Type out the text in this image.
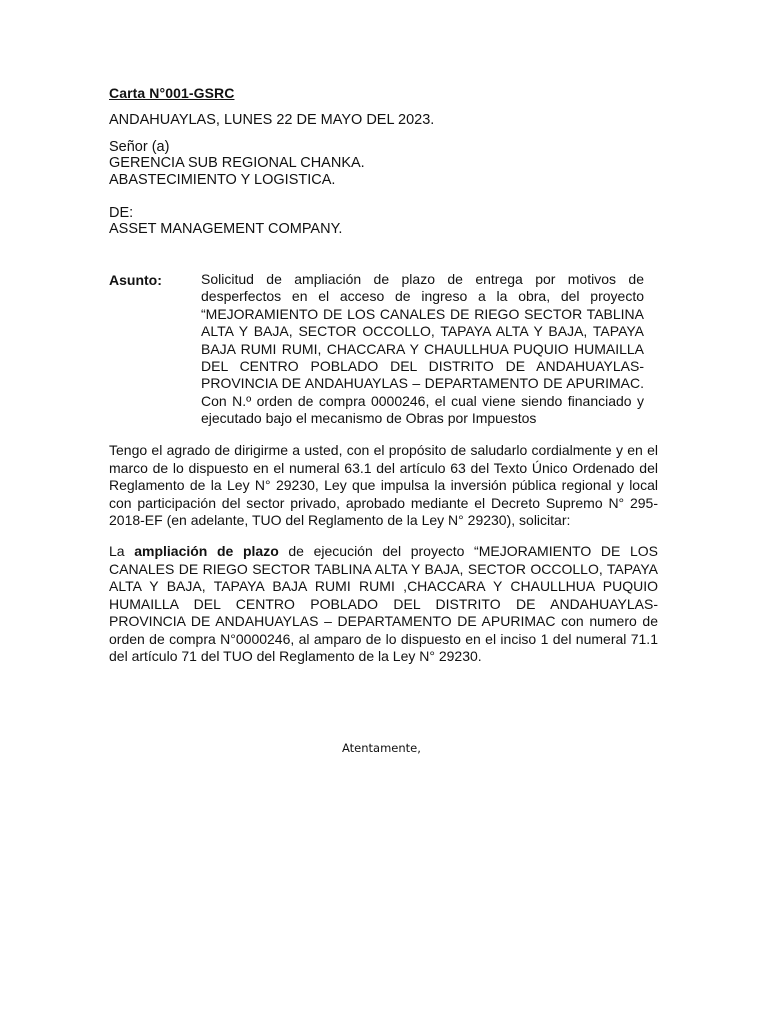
Carta N°001-GSRC
ANDAHUAYLAS, LUNES 22 DE MAYO DEL 2023.
Señor (a)
GERENCIA SUB REGIONAL CHANKA.
ABASTECIMIENTO Y LOGISTICA.
DE:
ASSET MANAGEMENT COMPANY.
Asunto:	Solicitud de ampliación de plazo de entrega por motivos de desperfectos en el acceso de ingreso a la obra, del proyecto “MEJORAMIENTO DE LOS CANALES DE RIEGO SECTOR TABLINA ALTA Y BAJA, SECTOR OCCOLLO, TAPAYA ALTA Y BAJA, TAPAYA BAJA RUMI RUMI, CHACCARA Y CHAULLHUA PUQUIO HUMAILLA DEL CENTRO POBLADO DEL DISTRITO DE ANDAHUAYLAS- PROVINCIA DE ANDAHUAYLAS – DEPARTAMENTO DE APURIMAC. Con N.º orden de compra 0000246, el cual viene siendo financiado y ejecutado bajo el mecanismo de Obras por Impuestos
Tengo el agrado de dirigirme a usted, con el propósito de saludarlo cordialmente y en el marco de lo dispuesto en el numeral 63.1 del artículo 63 del Texto Único Ordenado del Reglamento de la Ley N° 29230, Ley que impulsa la inversión pública regional y local con participación del sector privado, aprobado mediante el Decreto Supremo N° 295-2018-EF (en adelante, TUO del Reglamento de la Ley N° 29230), solicitar:
La ampliación de plazo de ejecución del proyecto “MEJORAMIENTO DE LOS CANALES DE RIEGO SECTOR TABLINA ALTA Y BAJA, SECTOR OCCOLLO, TAPAYA ALTA Y BAJA, TAPAYA BAJA RUMI RUMI ,CHACCARA Y CHAULLHUA PUQUIO HUMAILLA DEL CENTRO POBLADO DEL DISTRITO DE ANDAHUAYLAS- PROVINCIA DE ANDAHUAYLAS – DEPARTAMENTO DE APURIMAC con numero de orden de compra N°0000246, al amparo de lo dispuesto en el inciso 1 del numeral 71.1 del artículo 71 del TUO del Reglamento de la Ley N° 29230.
Atentamente,
